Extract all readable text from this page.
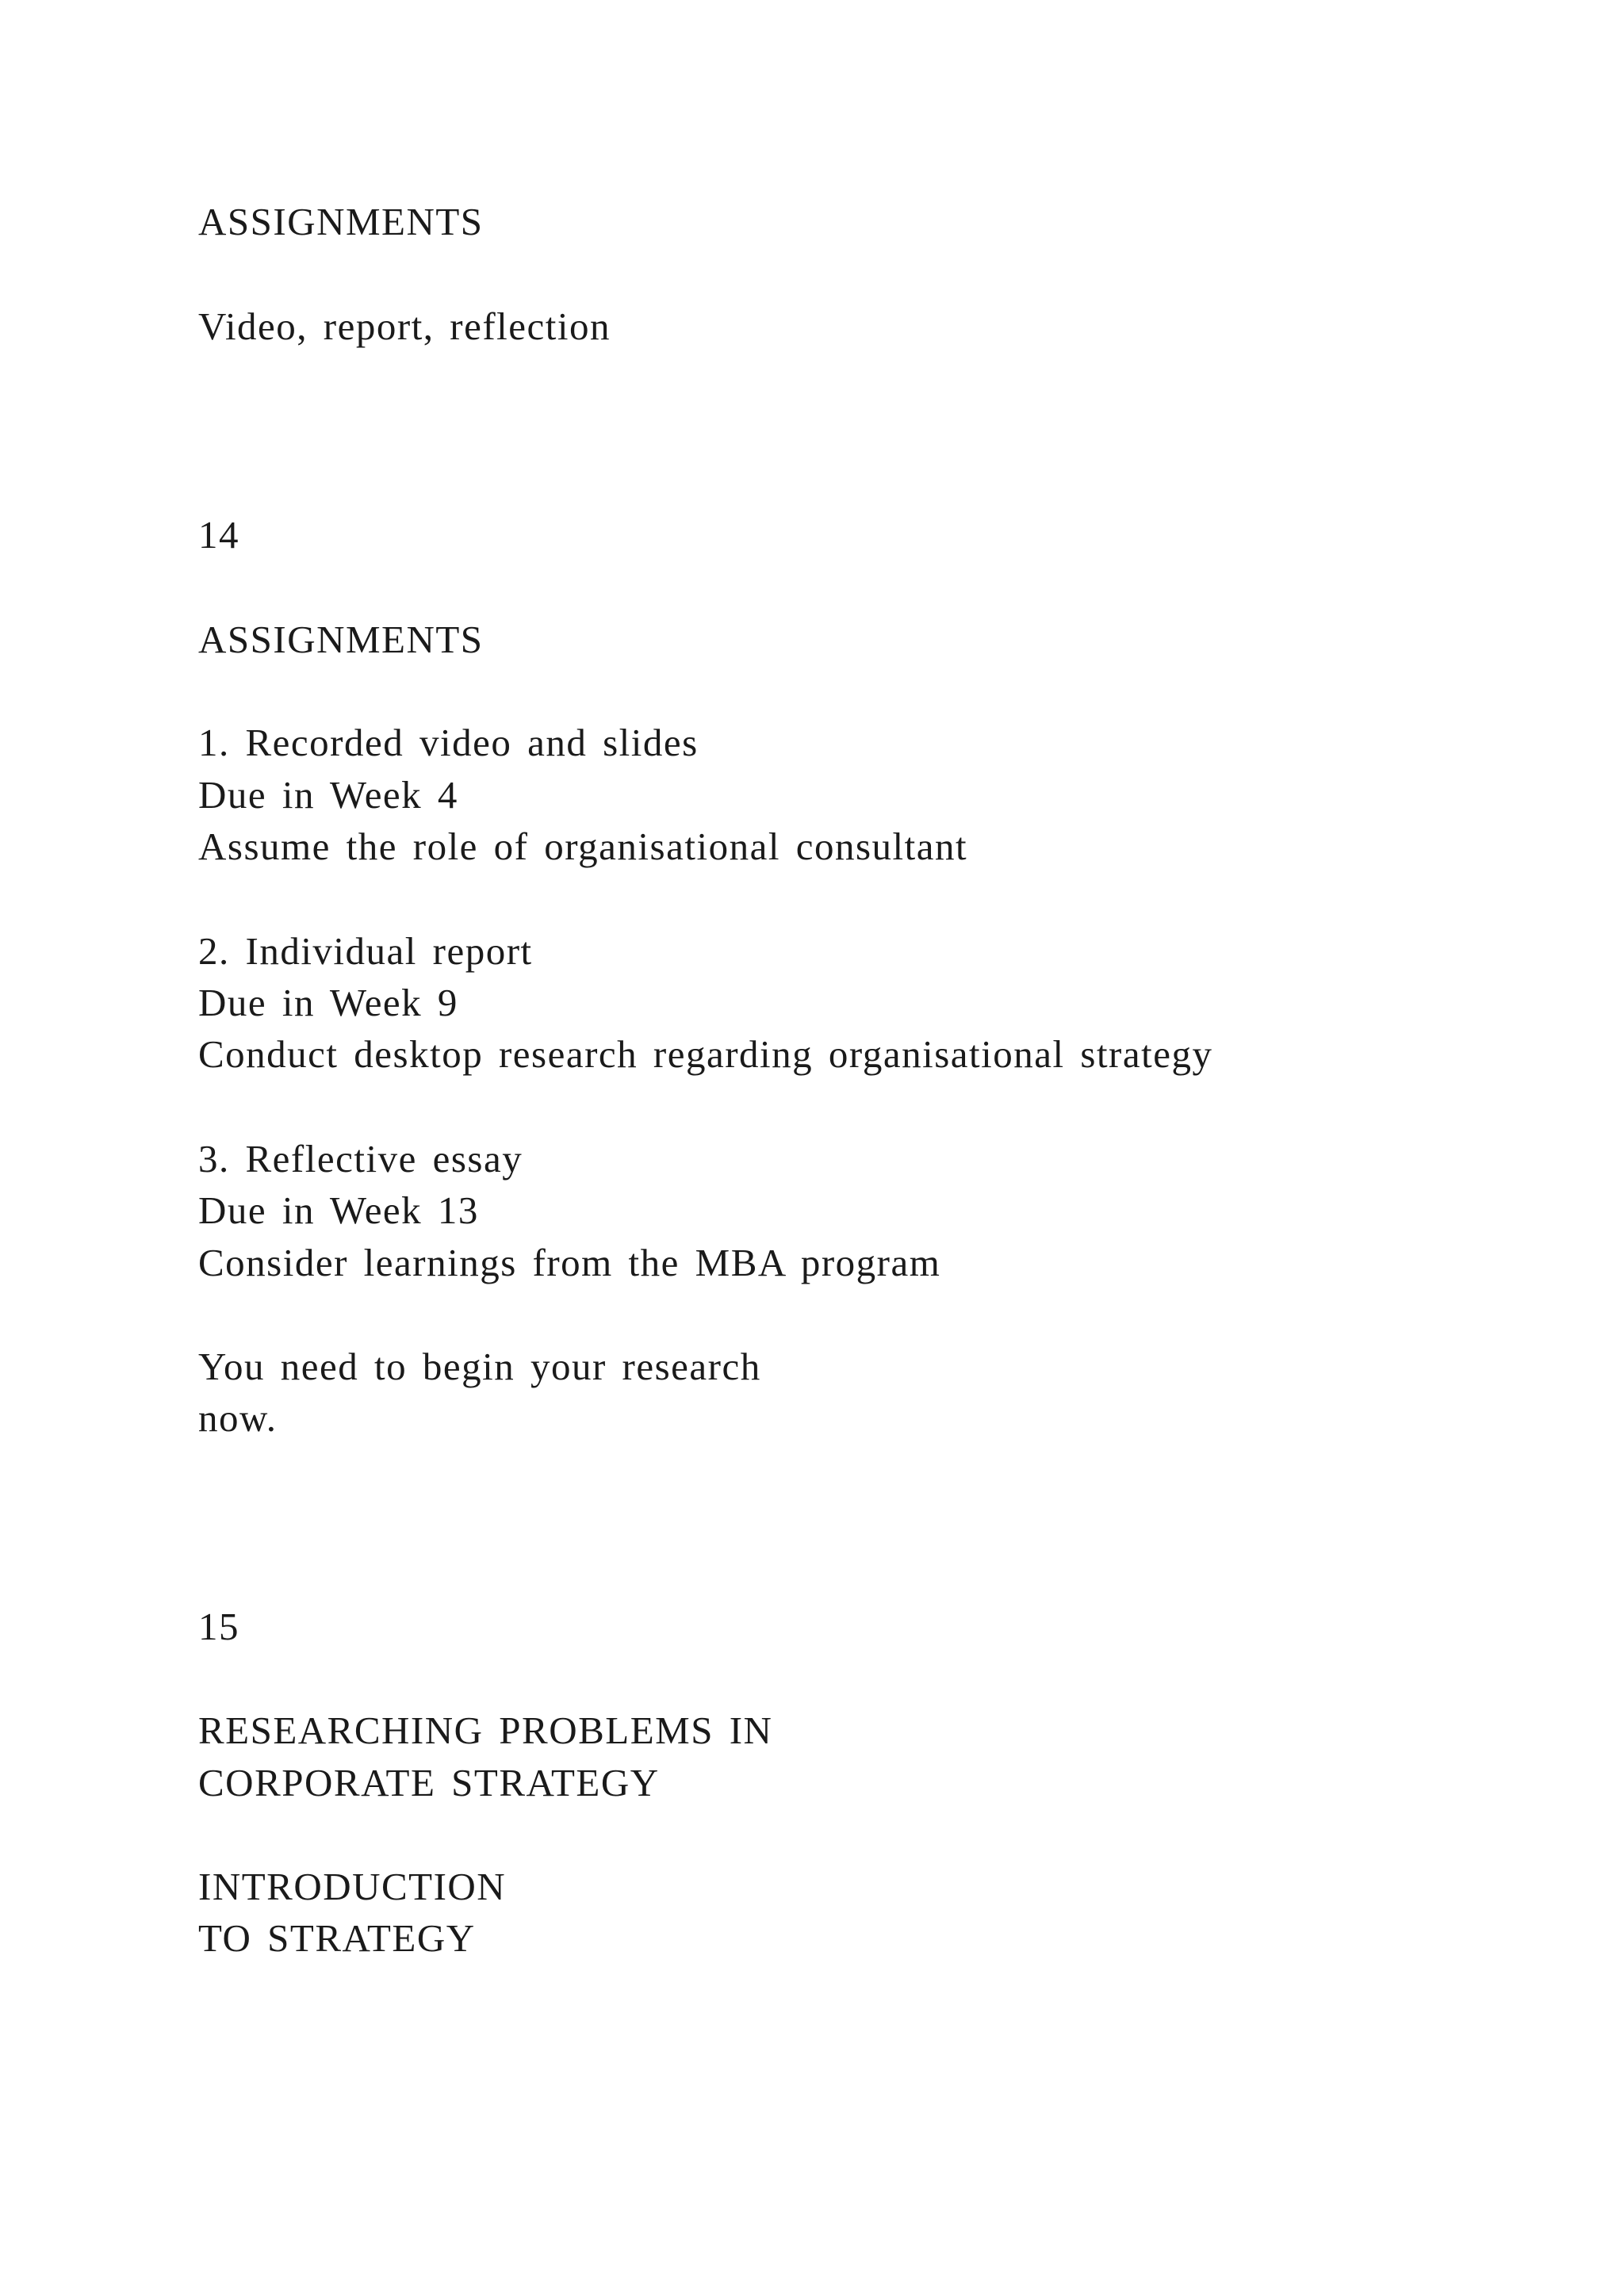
ASSIGNMENTS
Video, report, reflection
14
ASSIGNMENTS
1. Recorded video and slides
Due in Week 4
Assume the role of organisational consultant
2. Individual report
Due in Week 9
Conduct desktop research regarding organisational strategy
3. Reflective essay
Due in Week 13
Consider learnings from the MBA program
You need to begin your research
now.
15
RESEARCHING PROBLEMS IN
CORPORATE STRATEGY
INTRODUCTION
TO STRATEGY
